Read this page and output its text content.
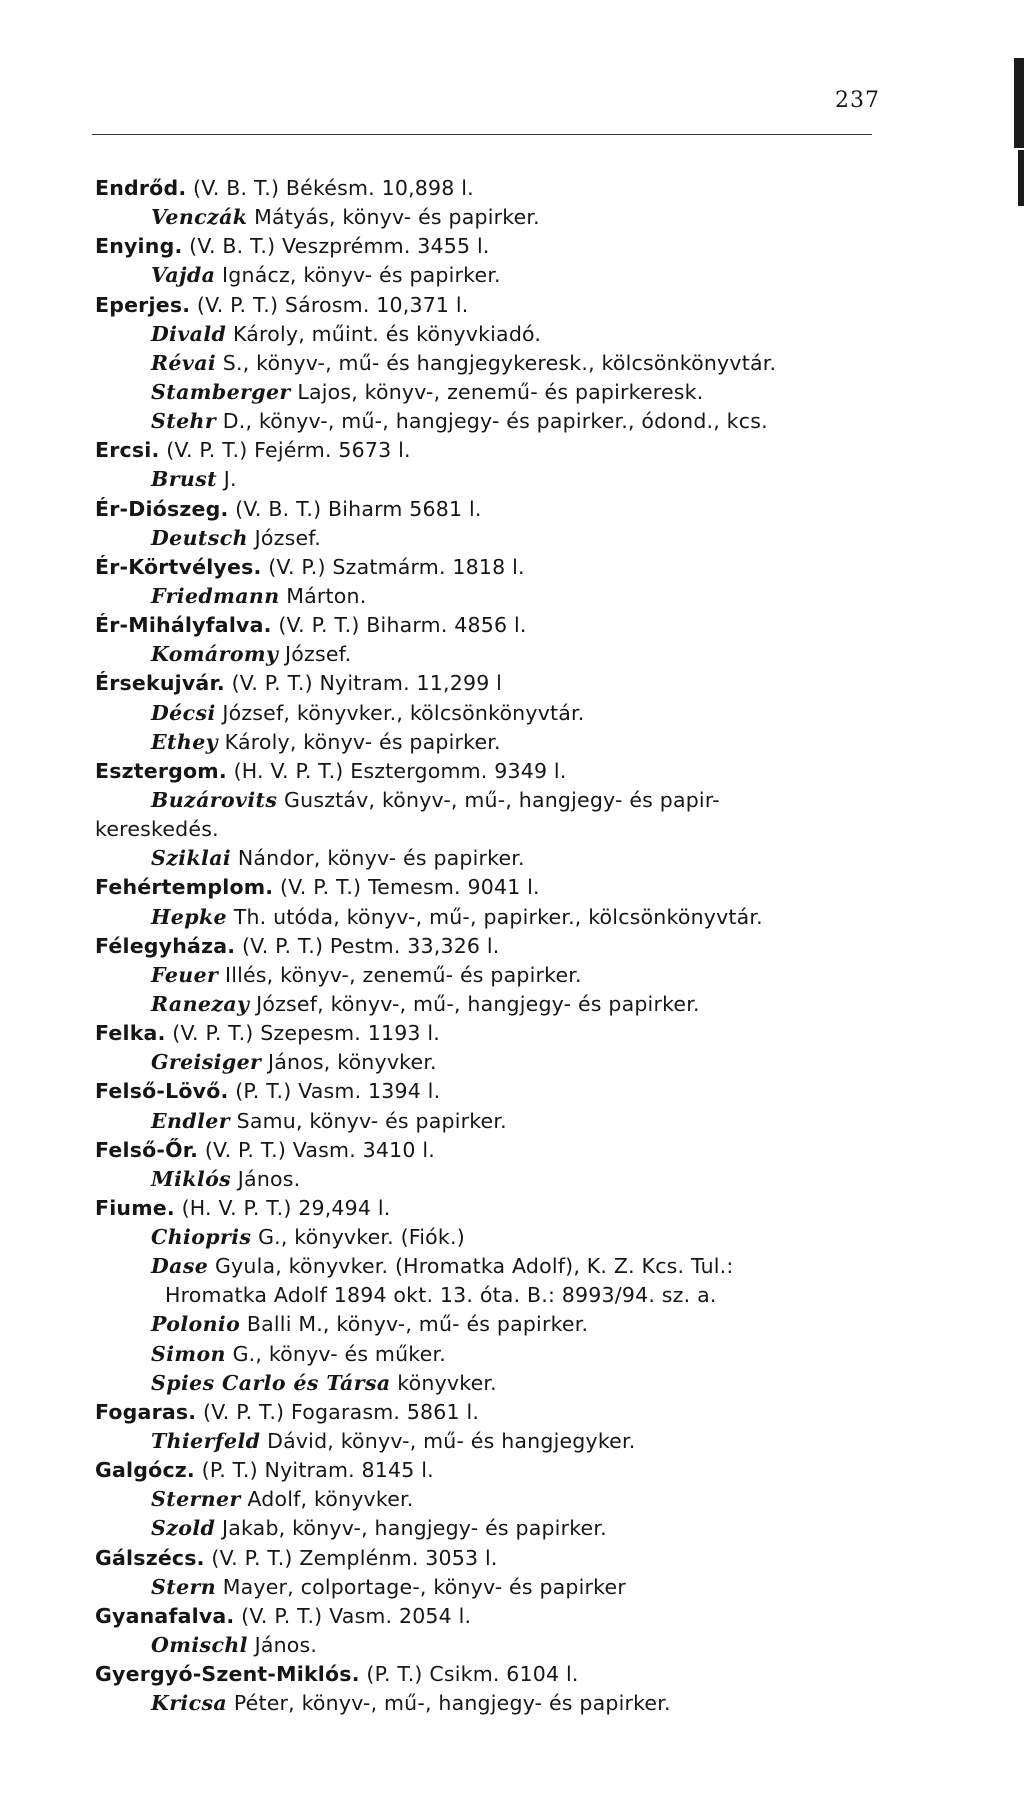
237
Endrőd. (V. B. T.) Békésm. 10,898 l.
Venczák Mátyás, könyv- és papirker.
Enying. (V. B. T.) Veszprémm. 3455 l.
Vajda Ignácz, könyv- és papirker.
Eperjes. (V. P. T.) Sárosm. 10,371 l.
Divald Károly, műint. és könyvkiadó.
Révai S., könyv-, mű- és hangjegykeresk., kölcsönkönyvtár.
Stamberger Lajos, könyv-, zenemű- és papirkeresk.
Stehr D., könyv-, mű-, hangjegy- és papirker., ódond., kcs.
Ercsi. (V. P. T.) Fejérm. 5673 l.
Brust J.
Ér-Diószeg. (V. B. T.) Biharm 5681 l.
Deutsch József.
Ér-Körtvélyes. (V. P.) Szatmárm. 1818 l.
Friedmann Márton.
Ér-Mihályfalva. (V. P. T.) Biharm. 4856 l.
Komáromy József.
Érsekujvár. (V. P. T.) Nyitram. 11,299 l
Décsi József, könyvker., kölcsönkönyvtár.
Ethey Károly, könyv- és papirker.
Esztergom. (H. V. P. T.) Esztergomm. 9349 l.
Buzárovits Gusztáv, könyv-, mű-, hangjegy- és papir-
kereskedés.
Sziklai Nándor, könyv- és papirker.
Fehértemplom. (V. P. T.) Temesm. 9041 l.
Hepke Th. utóda, könyv-, mű-, papirker., kölcsönkönyvtár.
Félegyháza. (V. P. T.) Pestm. 33,326 l.
Feuer Illés, könyv-, zenemű- és papirker.
Ranezay József, könyv-, mű-, hangjegy- és papirker.
Felka. (V. P. T.) Szepesm. 1193 l.
Greisiger János, könyvker.
Felső-Lövő. (P. T.) Vasm. 1394 l.
Endler Samu, könyv- és papirker.
Felső-Őr. (V. P. T.) Vasm. 3410 l.
Miklós János.
Fiume. (H. V. P. T.) 29,494 l.
Chiopris G., könyvker. (Fiók.)
Dase Gyula, könyvker. (Hromatka Adolf), K. Z. Kcs. Tul.:
Hromatka Adolf 1894 okt. 13. óta. B.: 8993/94. sz. a.
Polonio Balli M., könyv-, mű- és papirker.
Simon G., könyv- és műker.
Spies Carlo és Társa könyvker.
Fogaras. (V. P. T.) Fogarasm. 5861 l.
Thierfeld Dávid, könyv-, mű- és hangjegyker.
Galgócz. (P. T.) Nyitram. 8145 l.
Sterner Adolf, könyvker.
Szold Jakab, könyv-, hangjegy- és papirker.
Gálszécs. (V. P. T.) Zemplénm. 3053 l.
Stern Mayer, colportage-, könyv- és papirker
Gyanafalva. (V. P. T.) Vasm. 2054 l.
Omischl János.
Gyergyó-Szent-Miklós. (P. T.) Csikm. 6104 l.
Kricsa Péter, könyv-, mű-, hangjegy- és papirker.
